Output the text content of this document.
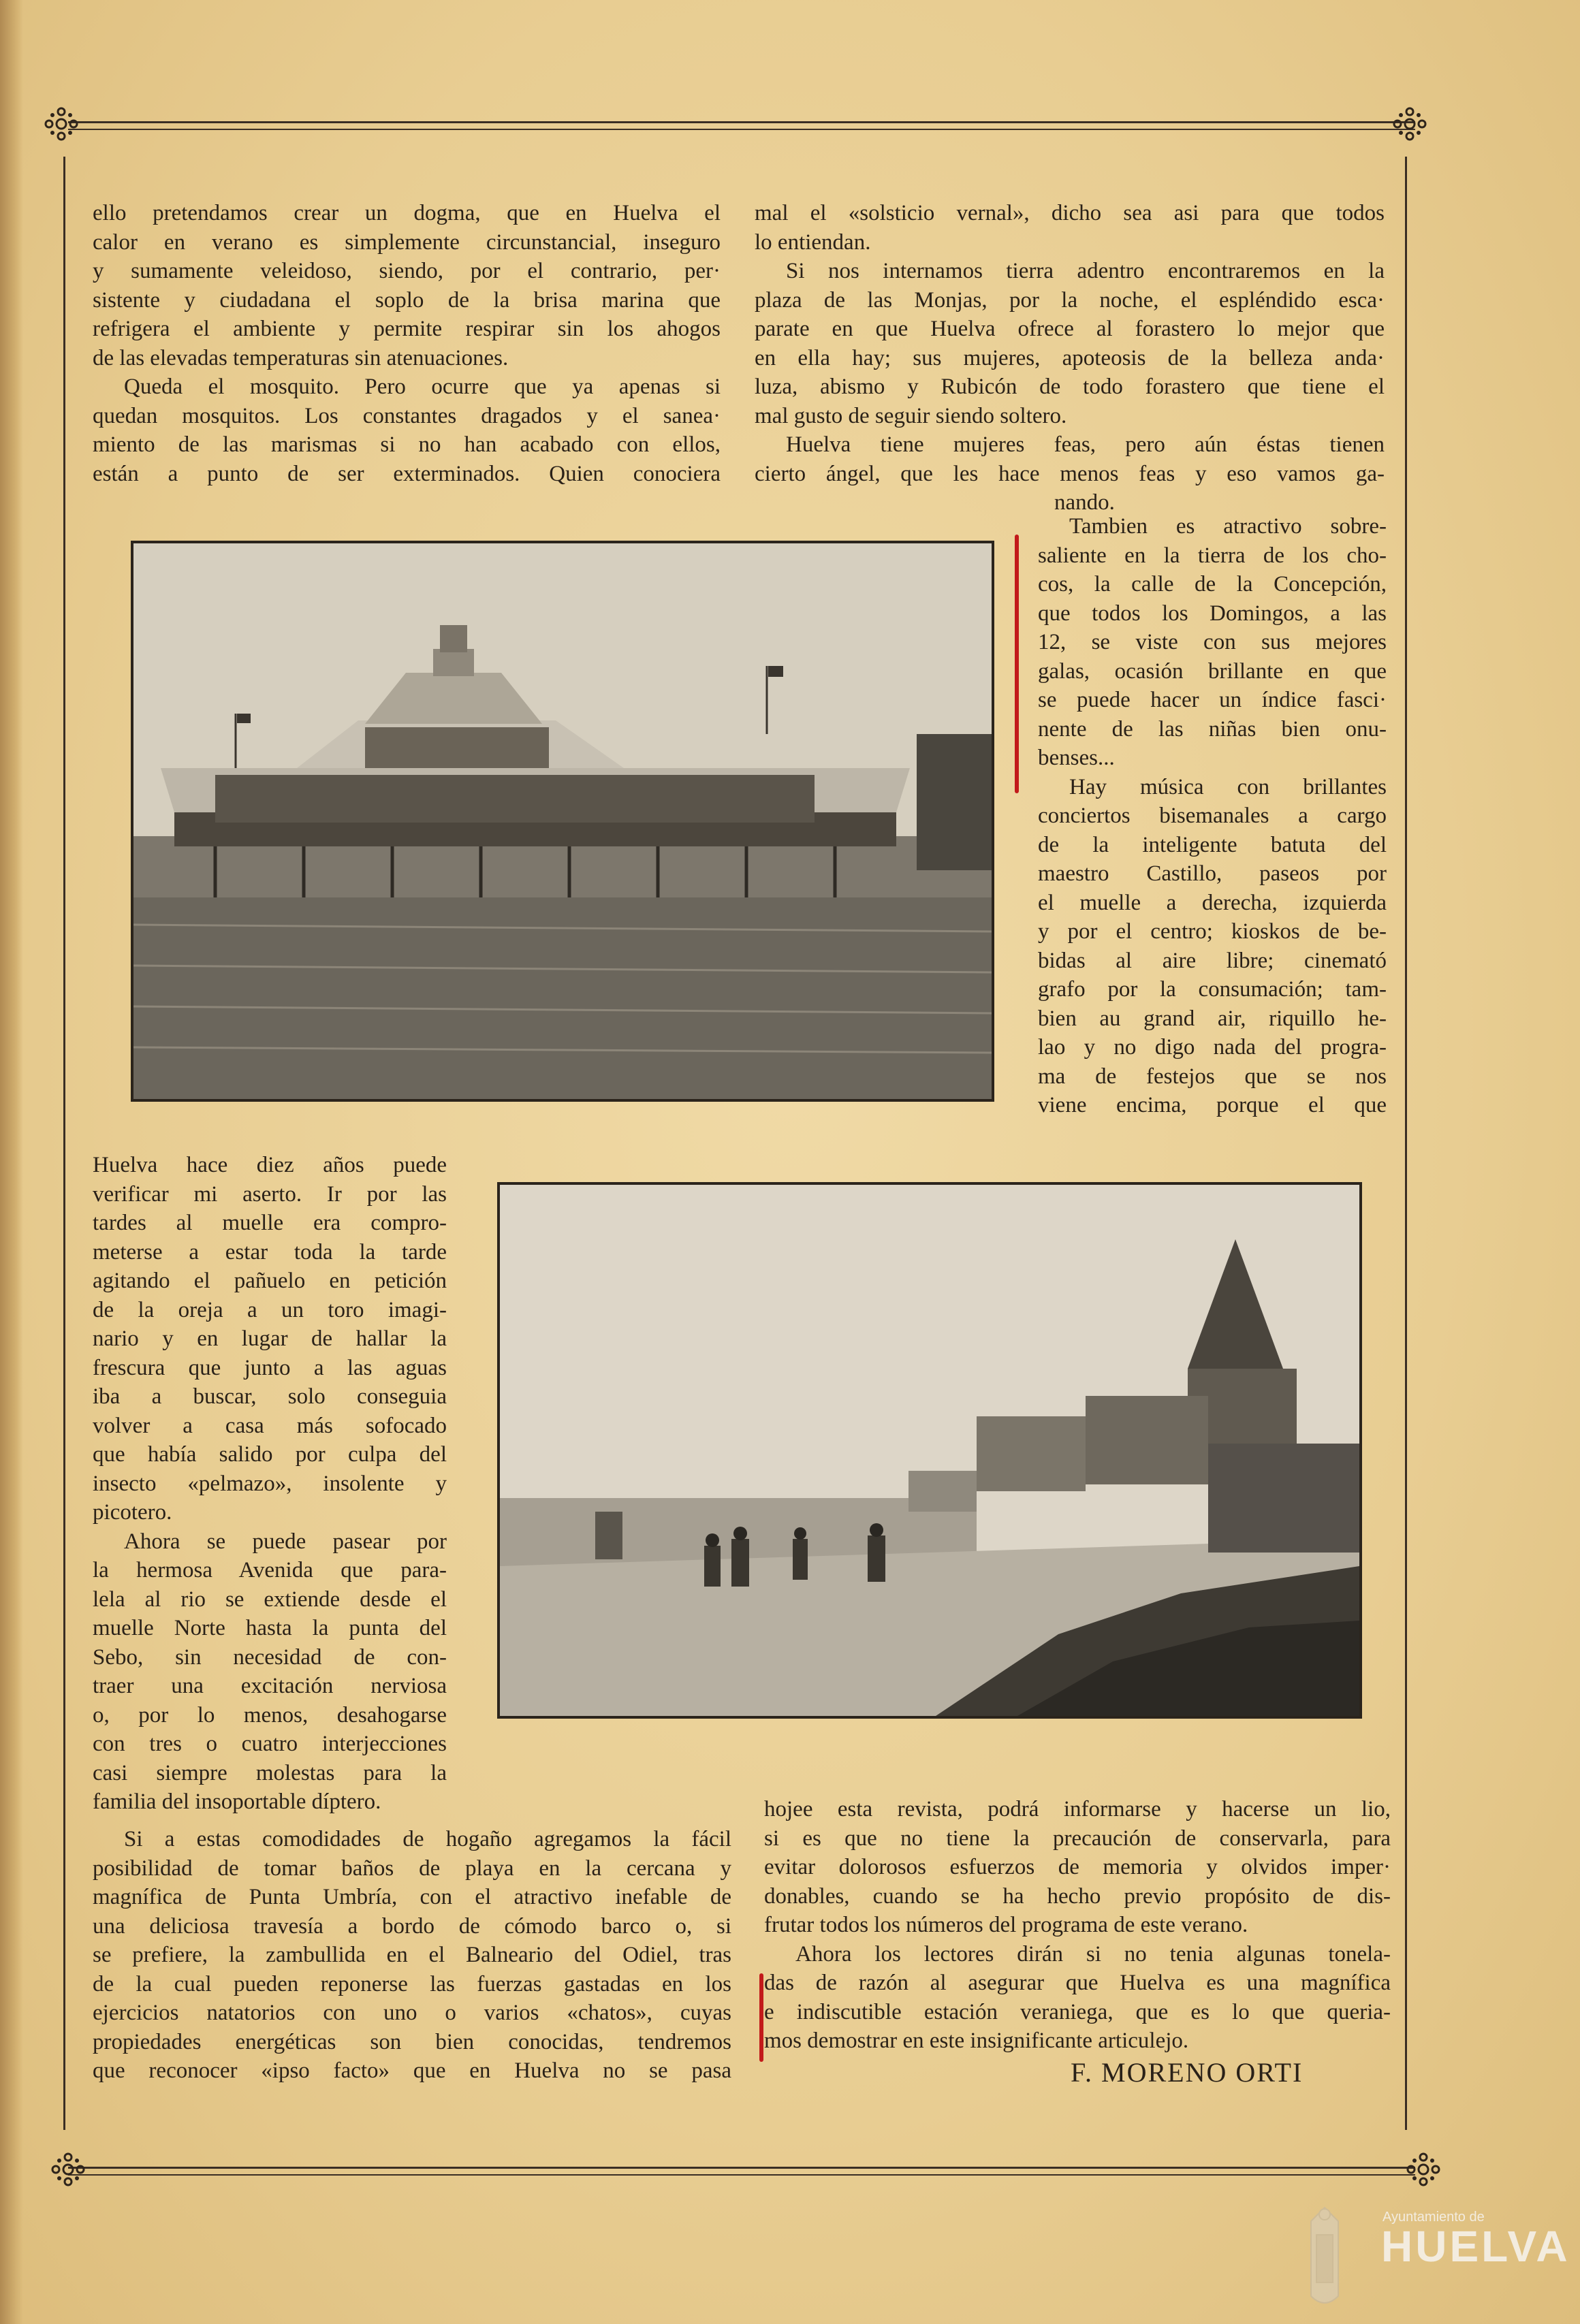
ello pretendamos crear un dogma, que en Huelva el

calor en verano es simplemente circunstancial, inseguro

y sumamente veleidoso, siendo, por el contrario, per·

sistente y ciudadana el soplo de la brisa marina que

refrigera el ambiente y permite respirar sin los ahogos

de las elevadas temperaturas sin atenuaciones.

Queda el mosquito. Pero ocurre que ya apenas si

quedan mosquitos. Los constantes dragados y el sanea·

miento de las marismas si no han acabado con ellos,

están a punto de ser exterminados. Quien conociera

mal el «solsticio vernal», dicho sea asi para que todos

lo entiendan.

Si nos internamos tierra adentro encontraremos en la

plaza de las Monjas, por la noche, el espléndido esca·

parate en que Huelva ofrece al forastero lo mejor que

en ella hay; sus mujeres, apoteosis de la belleza anda·

luza, abismo y Rubicón de todo forastero que tiene el

mal gusto de seguir siendo soltero.

Huelva tiene mujeres feas, pero aún éstas tienen

cierto ángel, que les hace menos feas y eso vamos ga-

nando.

Tambien es atractivo sobre-

saliente en la tierra de los cho-

cos, la calle de la Concepción,

que todos los Domingos, a las

12, se viste con sus mejores

galas, ocasión brillante en que

se puede hacer un índice fasci·

nente de las niñas bien onu-

benses...

Hay música con brillantes

conciertos bisemanales a cargo

de la inteligente batuta del

maestro Castillo, paseos por

el muelle a derecha, izquierda

y por el centro; kioskos de be-

bidas al aire libre; cinemató

grafo por la consumación; tam-

bien au grand air, riquillo he-

lao y no digo nada del progra-

ma de festejos que se nos

viene encima, porque el que

Huelva hace diez años puede

verificar mi aserto. Ir por las

tardes al muelle era compro-

meterse a estar toda la tarde

agitando el pañuelo en petición

de la oreja a un toro imagi-

nario y en lugar de hallar la

frescura que junto a las aguas

iba a buscar, solo conseguia

volver a casa más sofocado

que había salido por culpa del

insecto «pelmazo», insolente y

picotero.

Ahora se puede pasear por

la hermosa Avenida que para-

lela al rio se extiende desde el

muelle Norte hasta la punta del

Sebo, sin necesidad de con-

traer una excitación nerviosa

o, por lo menos, desahogarse

con tres o cuatro interjecciones

casi siempre molestas para la

familia del insoportable díptero.

Si a estas comodidades de hogaño agregamos la fácil

posibilidad de tomar baños de playa en la cercana y

magnífica de Punta Umbría, con el atractivo inefable de

una deliciosa travesía a bordo de cómodo barco o, si

se prefiere, la zambullida en el Balneario del Odiel, tras

de la cual pueden reponerse las fuerzas gastadas en los

ejercicios natatorios con uno o varios «chatos», cuyas

propiedades energéticas son bien conocidas, tendremos

que reconocer «ipso facto» que en Huelva no se pasa

hojee esta revista, podrá informarse y hacerse un lio,

si es que no tiene la precaución de conservarla, para

evitar dolorosos esfuerzos de memoria y olvidos imper·

donables, cuando se ha hecho previo propósito de dis-

frutar todos los números del programa de este verano.

Ahora los lectores dirán si no tenia algunas tonela-

das de razón al asegurar que Huelva es una magnífica

e indiscutible estación veraniega, que es lo que queria-

mos demostrar en este insignificante articulejo.

F. MORENO ORTI
Ayuntamiento de
HUELVA
